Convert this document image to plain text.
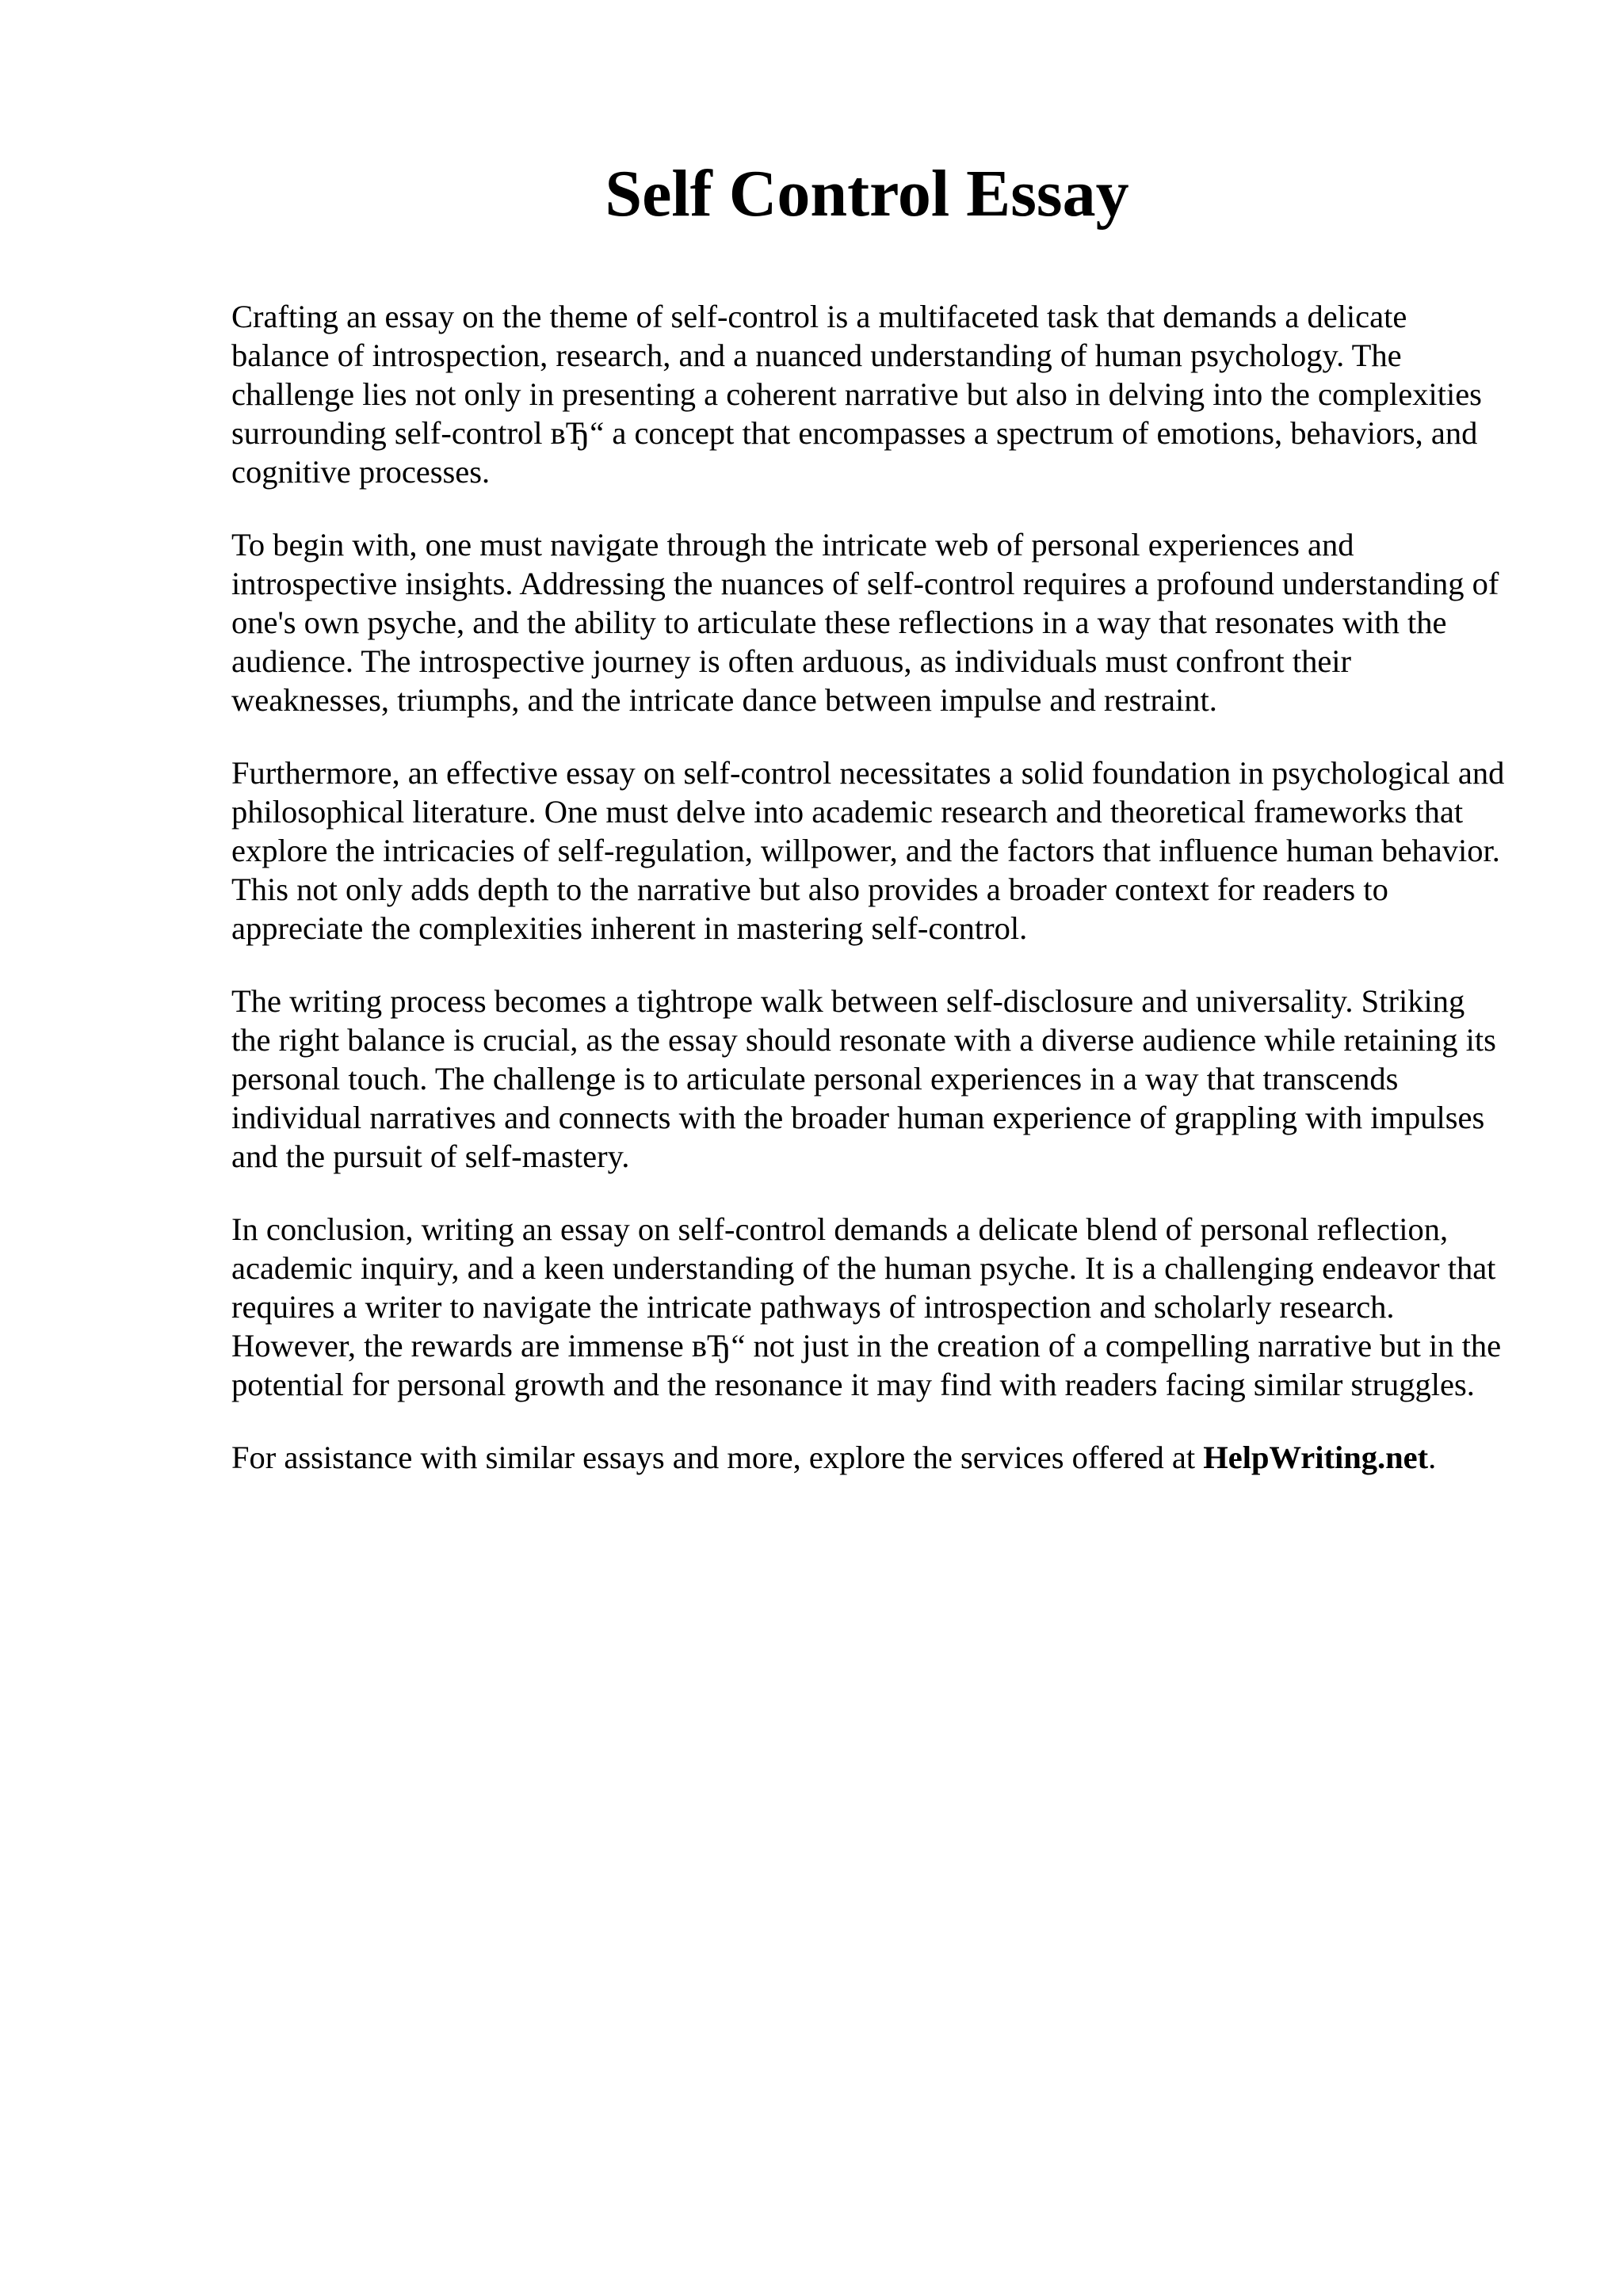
Self Control Essay

Crafting an essay on the theme of self-control is a multifaceted task that demands a delicate balance of introspection, research, and a nuanced understanding of human psychology. The challenge lies not only in presenting a coherent narrative but also in delving into the complexities surrounding self-control вЂ“ a concept that encompasses a spectrum of emotions, behaviors, and cognitive processes.

To begin with, one must navigate through the intricate web of personal experiences and introspective insights. Addressing the nuances of self-control requires a profound understanding of one's own psyche, and the ability to articulate these reflections in a way that resonates with the audience. The introspective journey is often arduous, as individuals must confront their weaknesses, triumphs, and the intricate dance between impulse and restraint.

Furthermore, an effective essay on self-control necessitates a solid foundation in psychological and philosophical literature. One must delve into academic research and theoretical frameworks that explore the intricacies of self-regulation, willpower, and the factors that influence human behavior. This not only adds depth to the narrative but also provides a broader context for readers to appreciate the complexities inherent in mastering self-control.

The writing process becomes a tightrope walk between self-disclosure and universality. Striking the right balance is crucial, as the essay should resonate with a diverse audience while retaining its personal touch. The challenge is to articulate personal experiences in a way that transcends individual narratives and connects with the broader human experience of grappling with impulses and the pursuit of self-mastery.

In conclusion, writing an essay on self-control demands a delicate blend of personal reflection, academic inquiry, and a keen understanding of the human psyche. It is a challenging endeavor that requires a writer to navigate the intricate pathways of introspection and scholarly research. However, the rewards are immense вЂ“ not just in the creation of a compelling narrative but in the potential for personal growth and the resonance it may find with readers facing similar struggles.

For assistance with similar essays and more, explore the services offered at HelpWriting.net.
